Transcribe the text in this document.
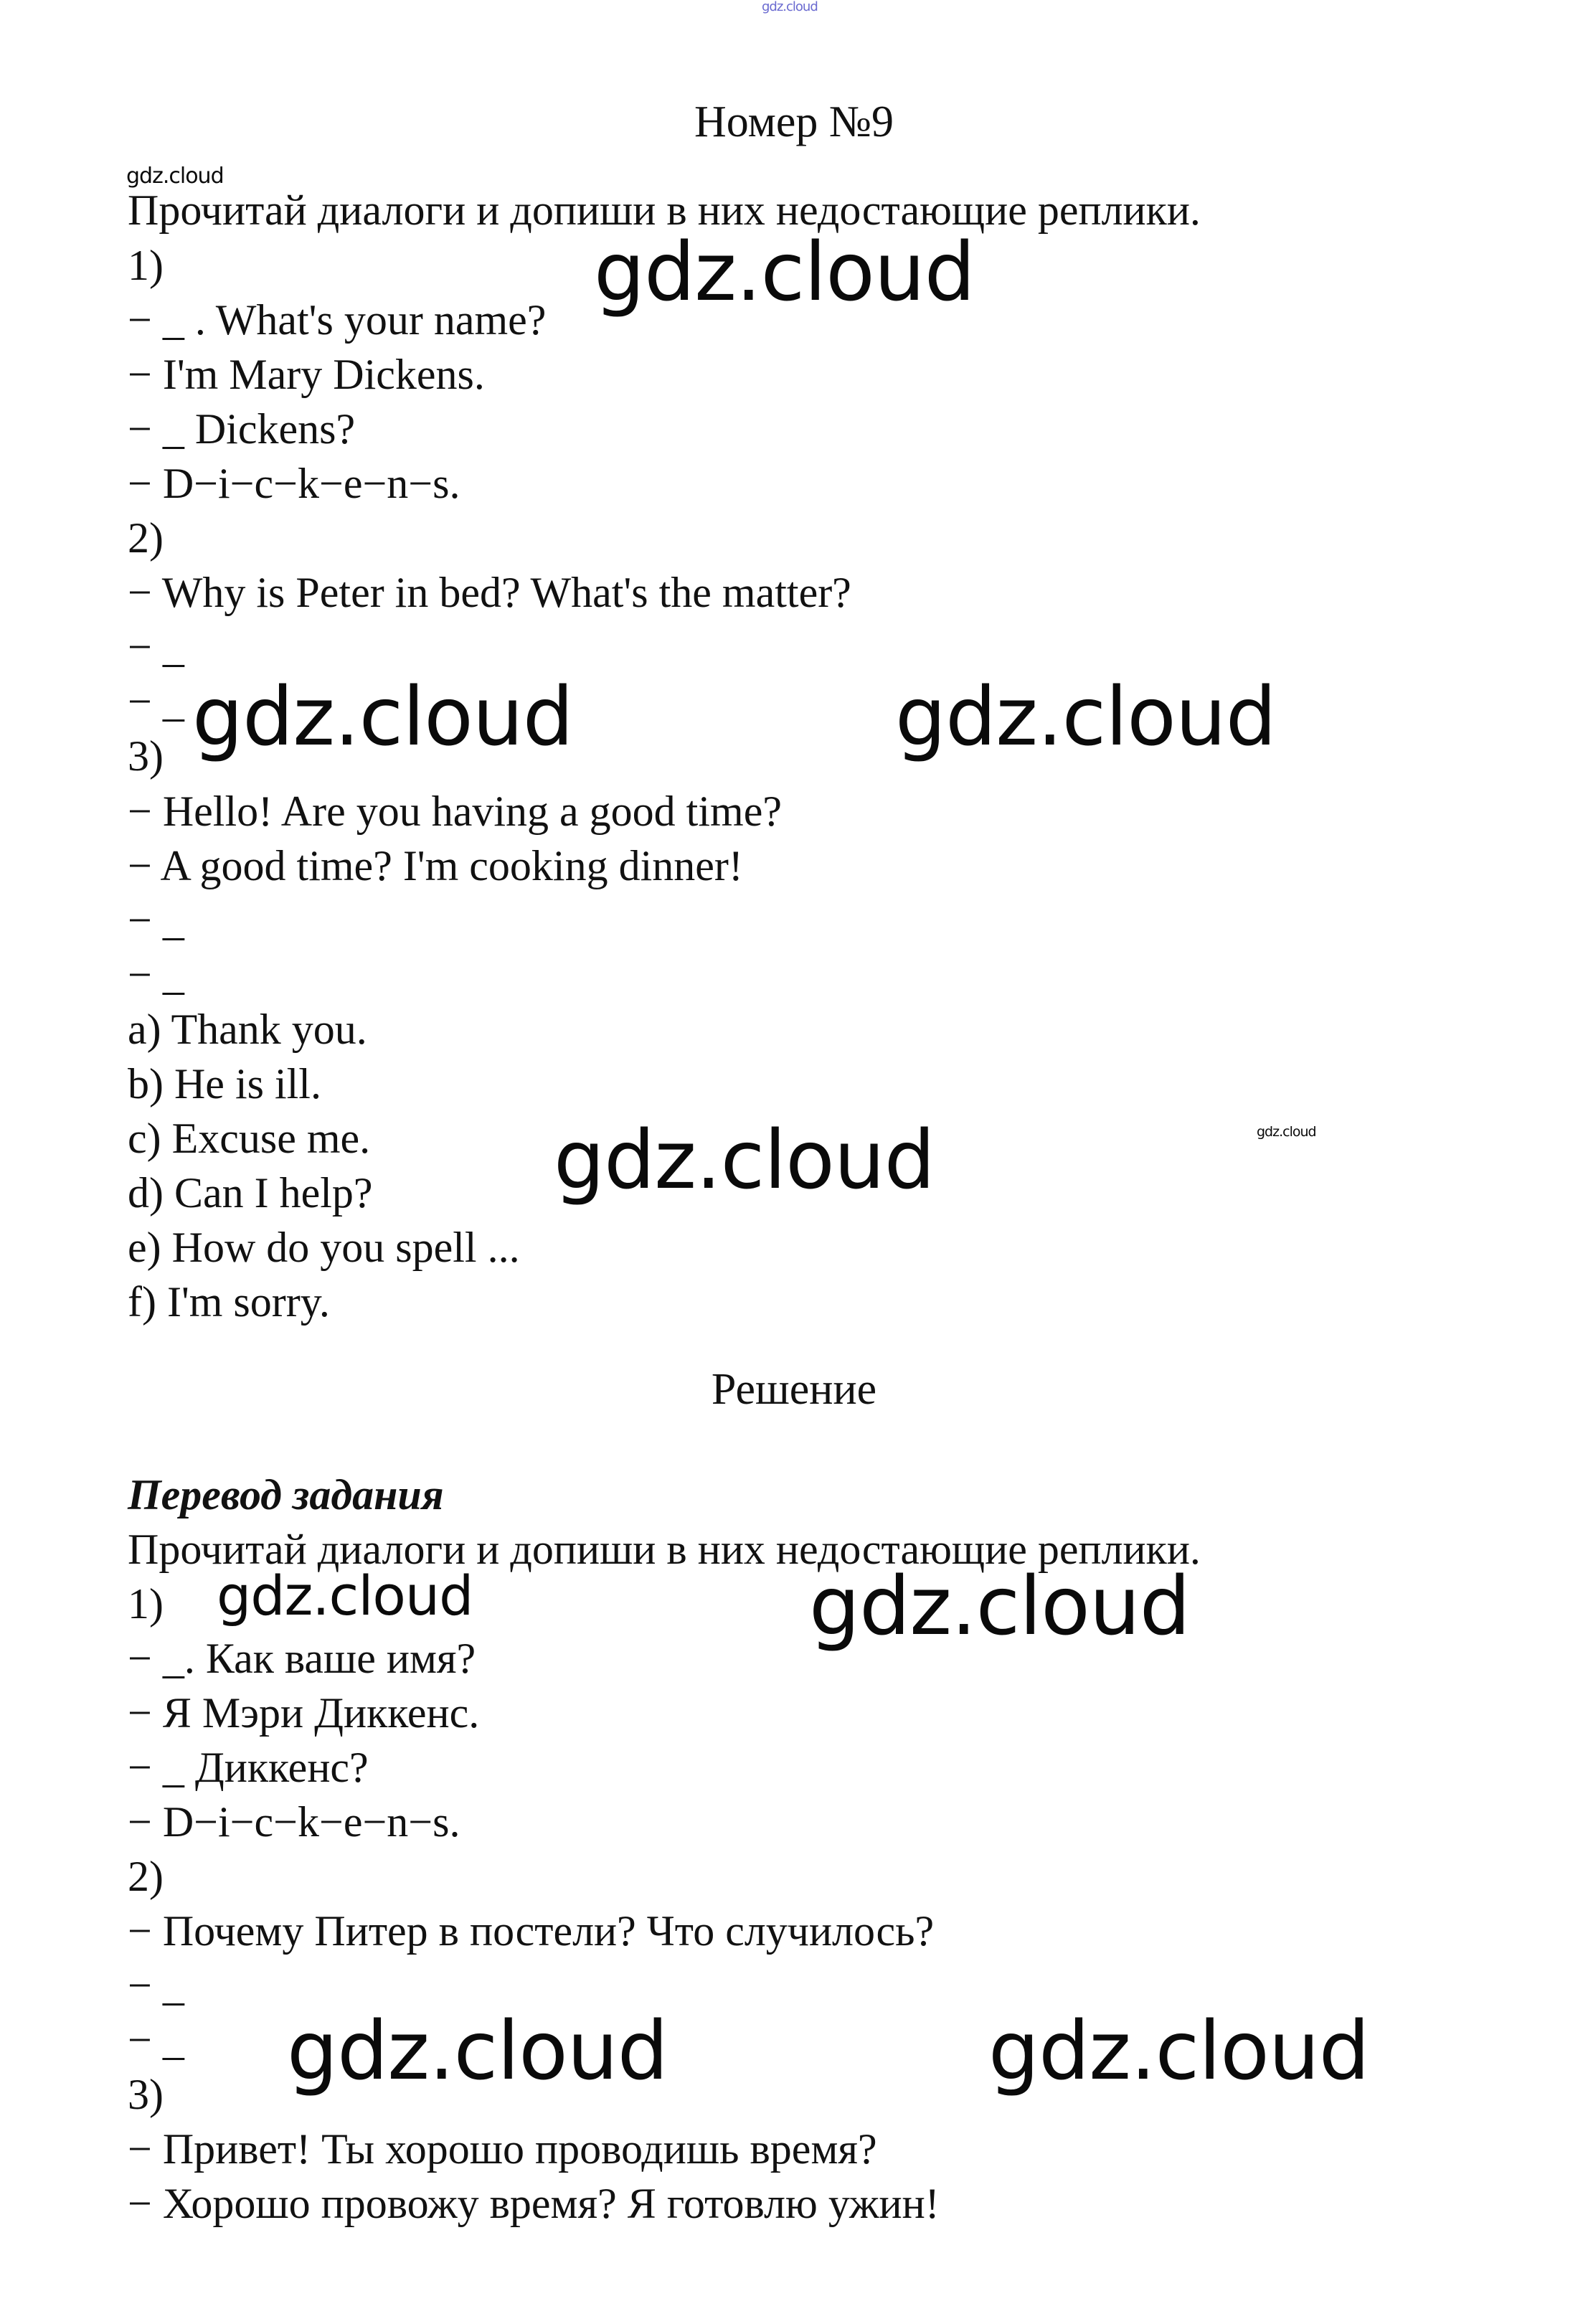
gdz.cloud
Номер №9
gdz.cloud
Прочитай диалоги и допиши в них недостающие реплики.
1)
− _ . What's your name?
− I'm Mary Dickens.
− _ Dickens?
− D−i−c−k−e−n−s.
2)
− Why is Peter in bed? What's the matter?
− _
− _
3)
− Hello! Are you having a good time?
− A good time? I'm cooking dinner!
− _
− _
a) Thank you.
b) He is ill.
c) Excuse me.
d) Can I help?
e) How do you spell ...
f) I'm sorry.
gdz.cloud
gdz.cloud	gdz.cloud
gdz.cloud	gdz.cloud
Решение
Перевод задания
Прочитай диалоги и допиши в них недостающие реплики.
1)
− _. Как ваше имя?
− Я Мэри Диккенс.
− _ Диккенс?
− D−i−c−k−e−n−s.
2)
− Почему Питер в постели? Что случилось?
− _
− _
3)
− Привет! Ты хорошо проводишь время?
− Хорошо провожу время? Я готовлю ужин!
gdz.cloud	gdz.cloud
gdz.cloud	gdz.cloud
